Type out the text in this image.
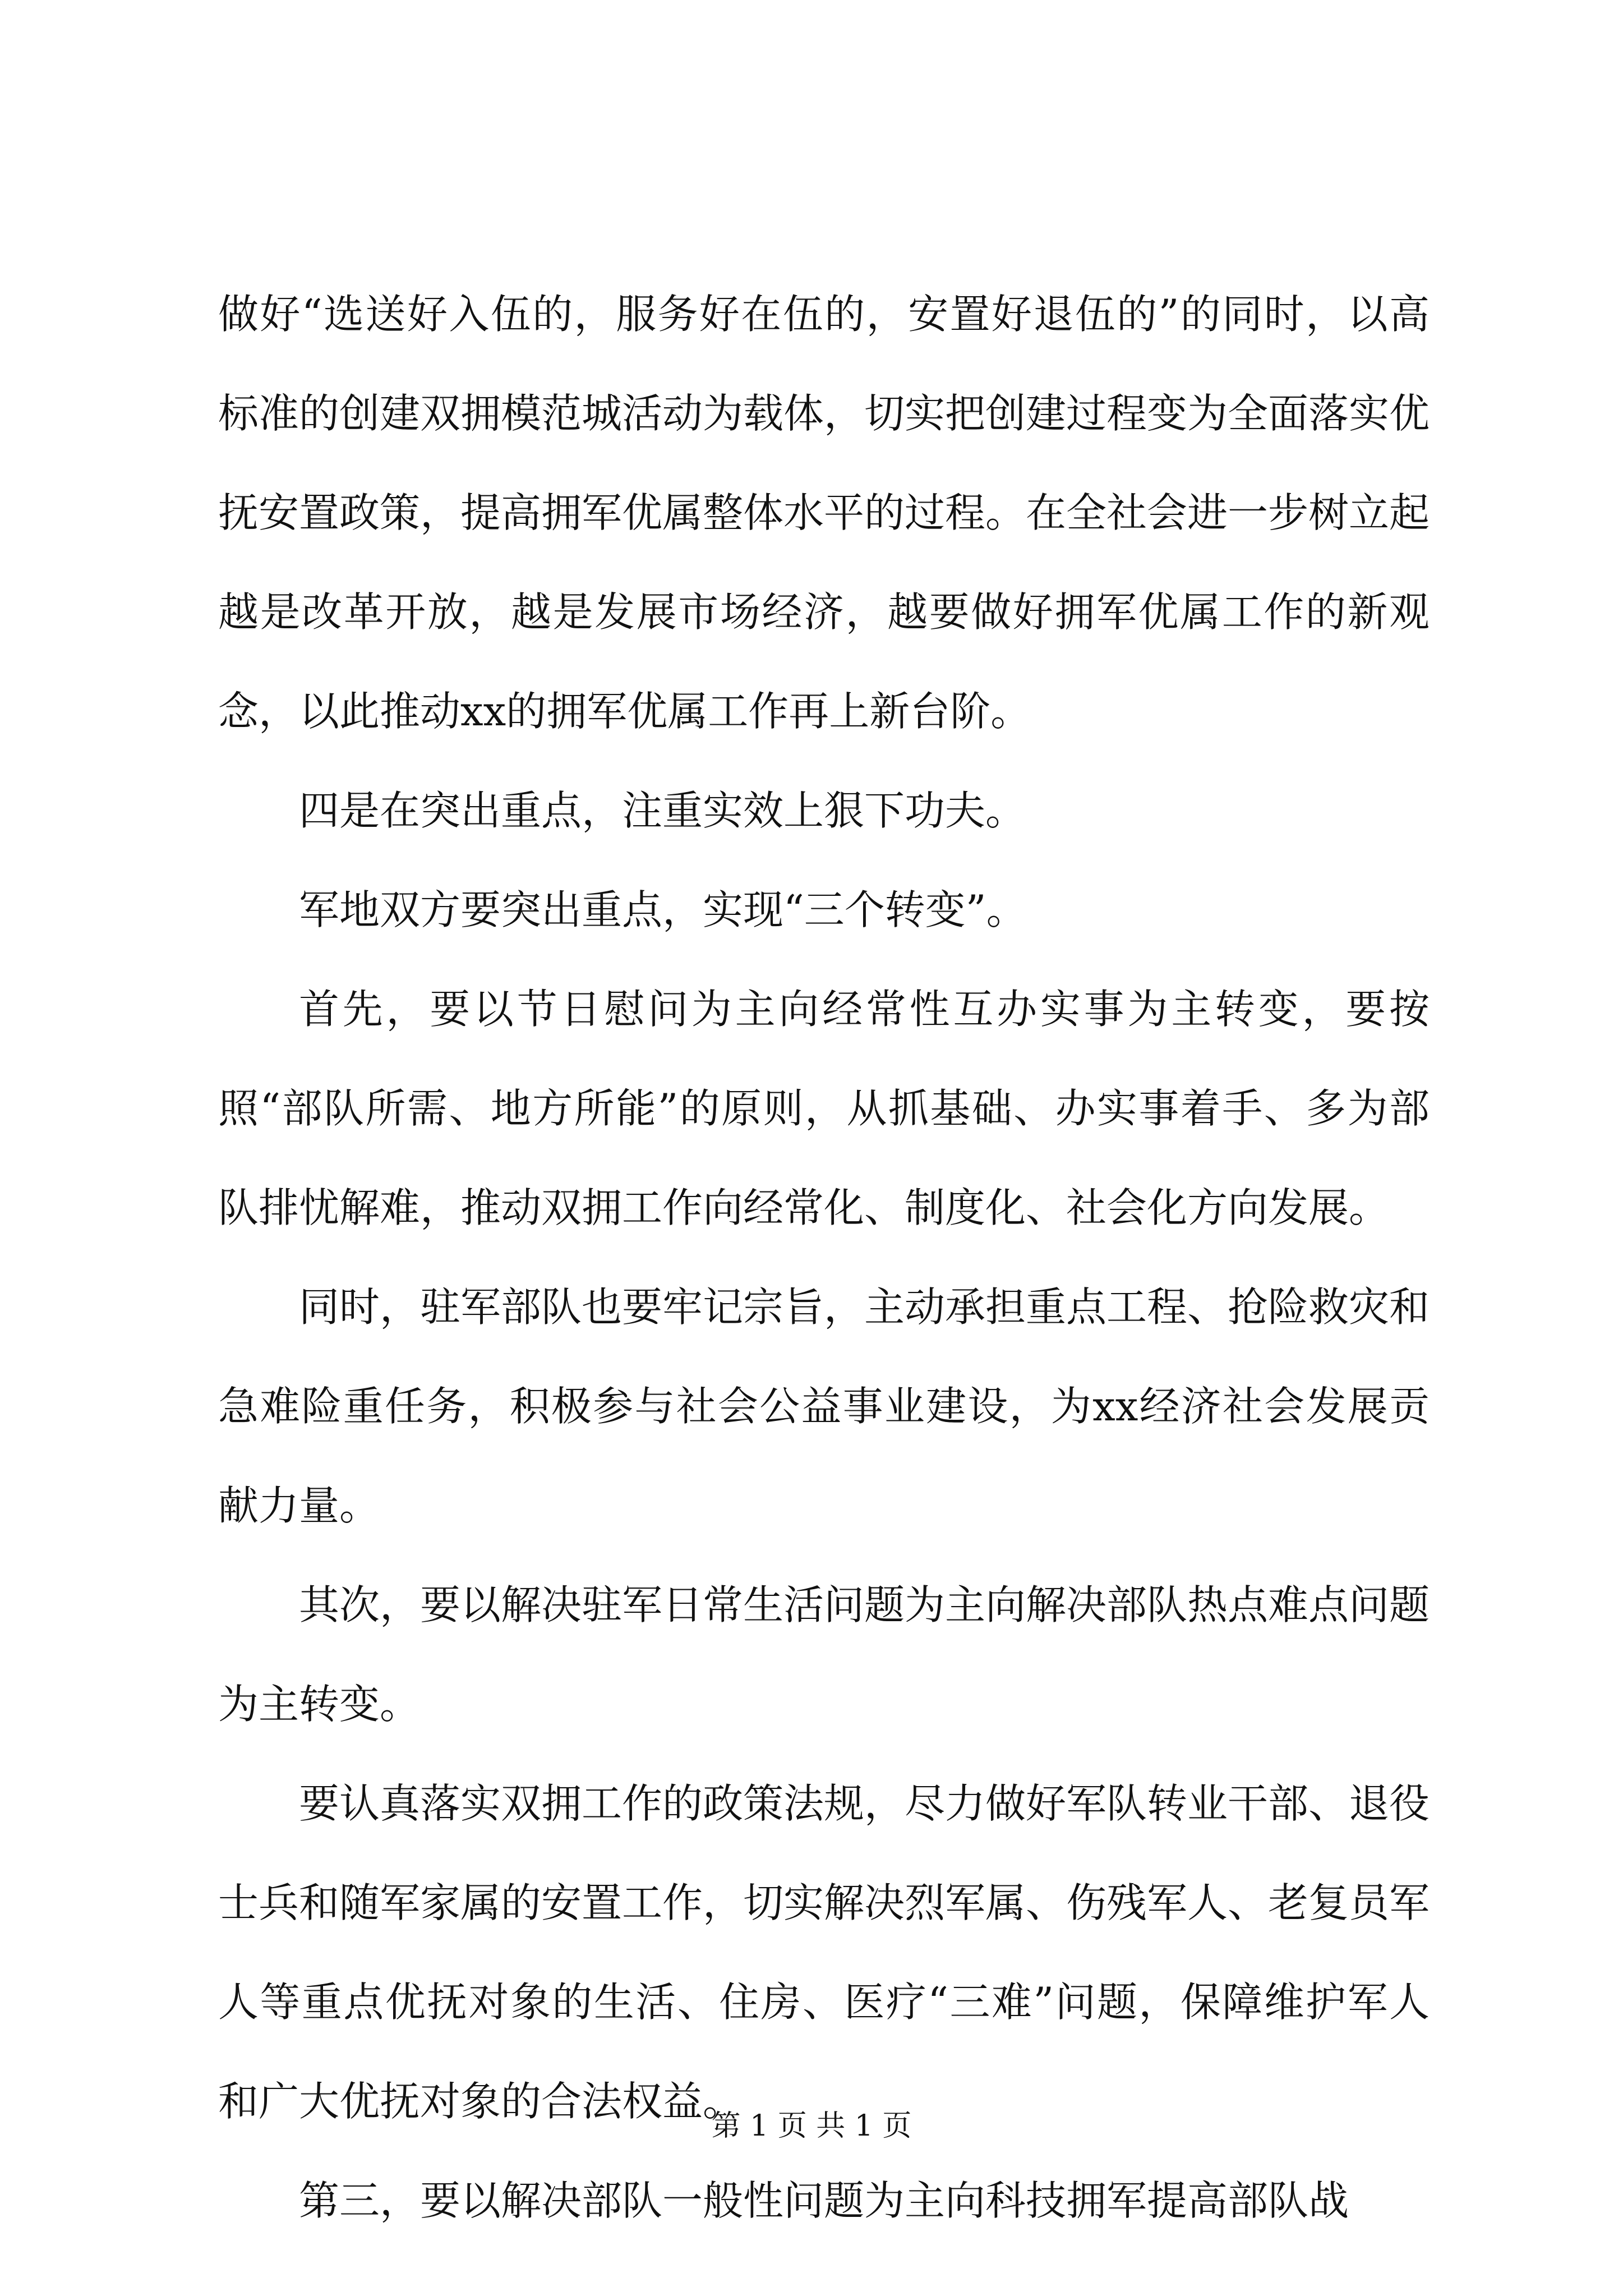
做好“选送好入伍的，服务好在伍的，安置好退伍的”的同时，以高标准的创建双拥模范城活动为载体，切实把创建过程变为全面落实优抚安置政策，提高拥军优属整体水平的过程。在全社会进一步树立起越是改革开放，越是发展市场经济，越要做好拥军优属工作的新观念，以此推动xx的拥军优属工作再上新台阶。

四是在突出重点，注重实效上狠下功夫。

军地双方要突出重点，实现“三个转变”。

首先，要以节日慰问为主向经常性互办实事为主转变，要按照“部队所需、地方所能”的原则，从抓基础、办实事着手、多为部队排忧解难，推动双拥工作向经常化、制度化、社会化方向发展。

同时，驻军部队也要牢记宗旨，主动承担重点工程、抢险救灾和急难险重任务，积极参与社会公益事业建设，为xx经济社会发展贡献力量。

其次，要以解决驻军日常生活问题为主向解决部队热点难点问题为主转变。

要认真落实双拥工作的政策法规，尽力做好军队转业干部、退役士兵和随军家属的安置工作，切实解决烈军属、伤残军人、老复员军人等重点优抚对象的生活、住房、医疗“三难”问题，保障维护军人和广大优抚对象的合法权益。

第三，要以解决部队一般性问题为主向科技拥军提高部队战

第 1 页 共 1 页
